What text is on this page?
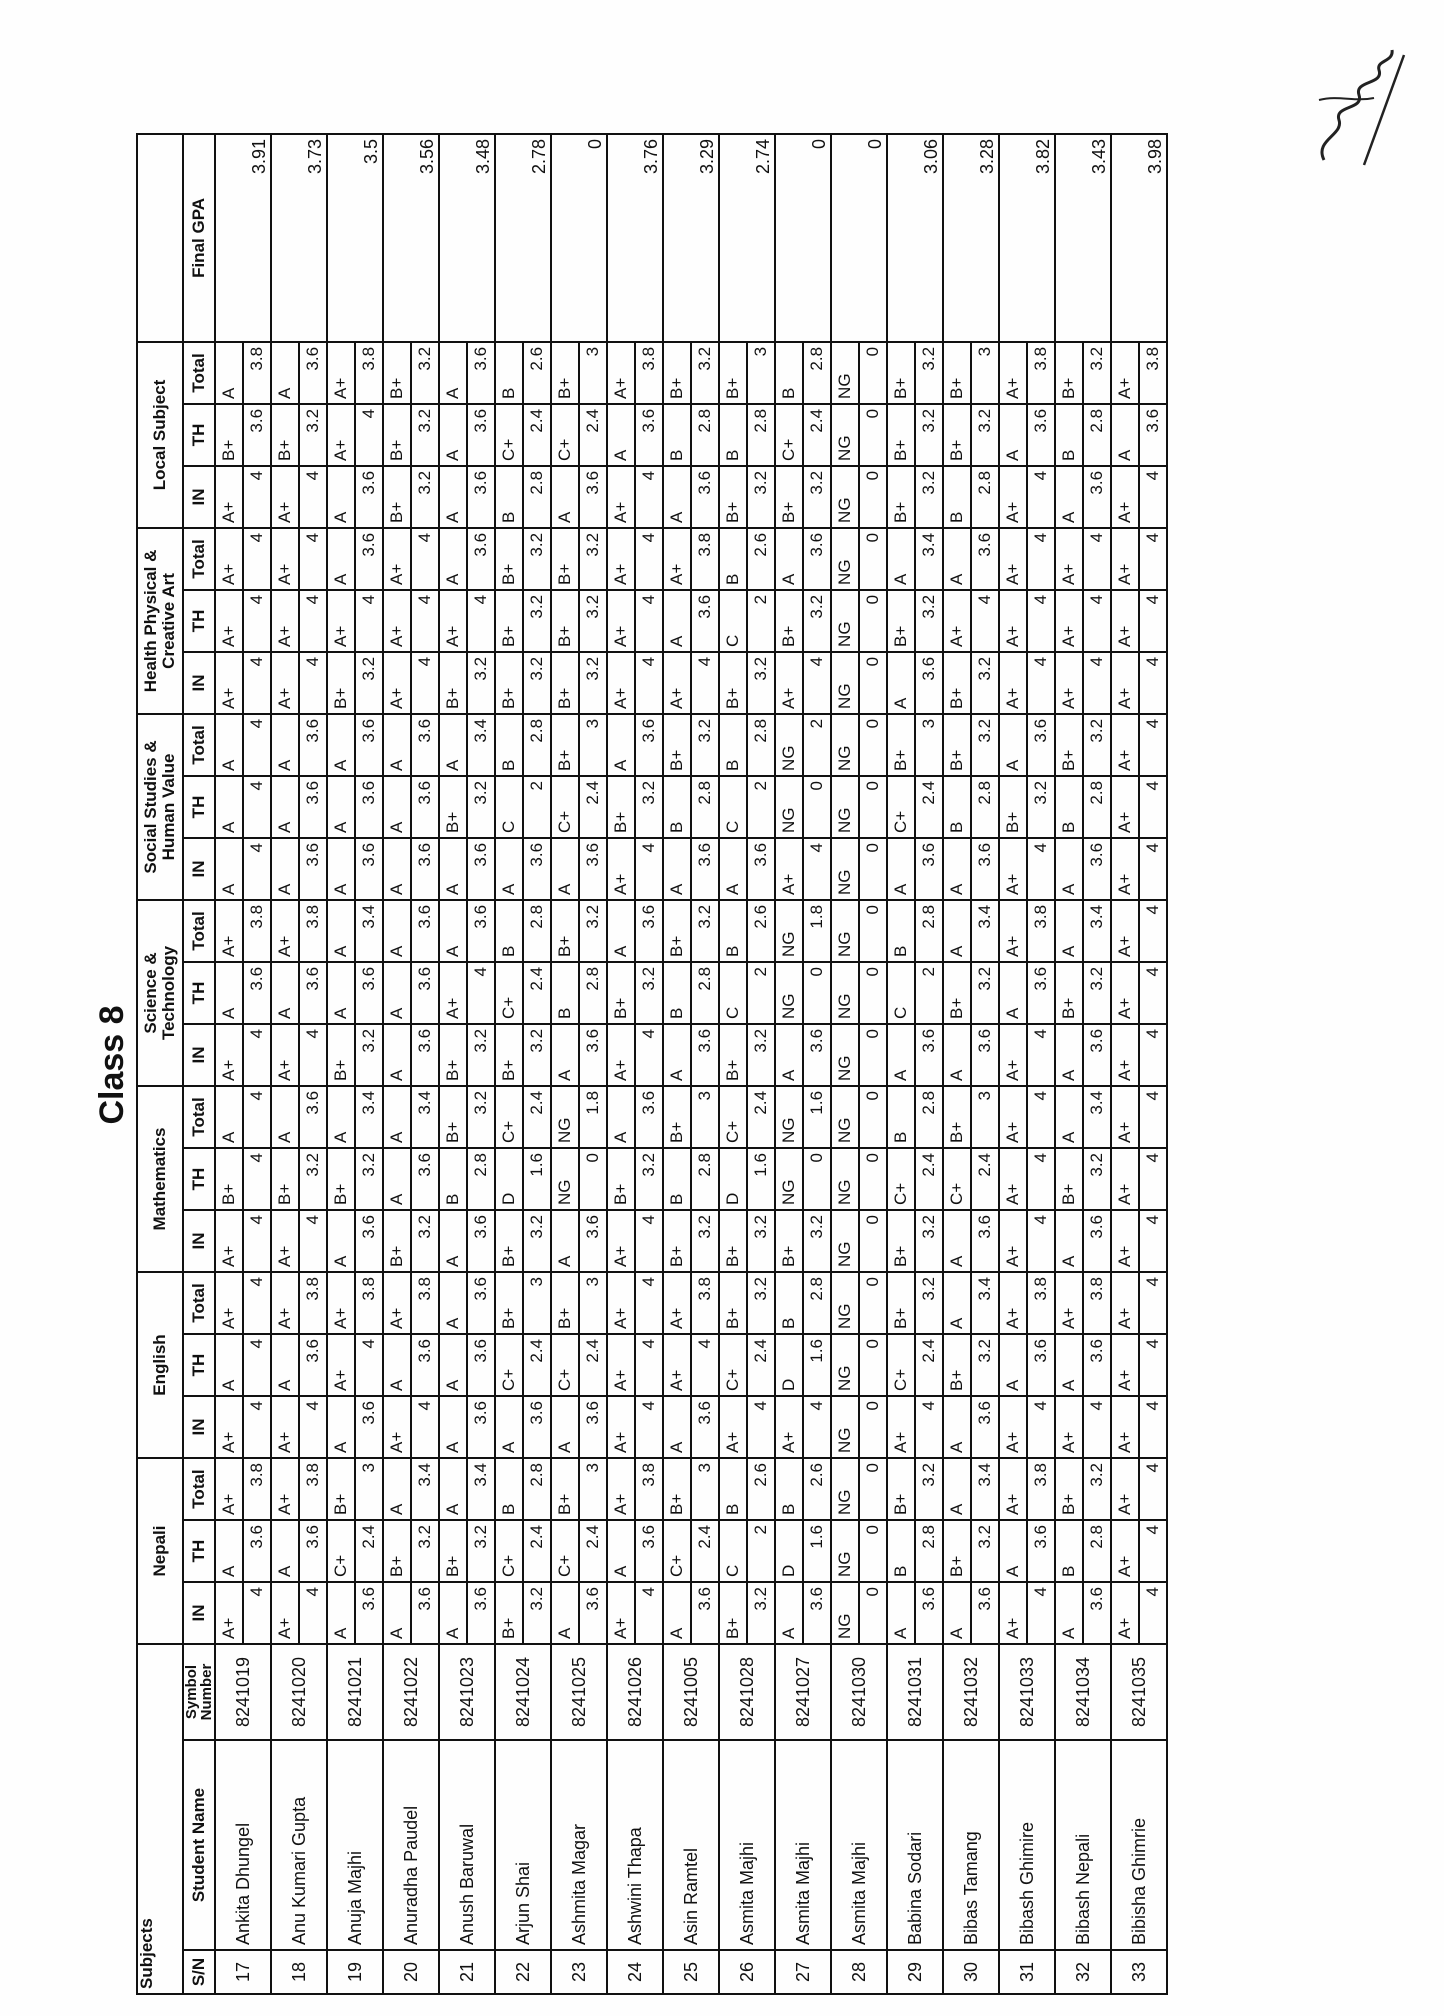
Class 8
Subjects			Nepali			English			Mathematics			Science & Technology			Social Studies & Human Value			Health Physical & Creative Art			Local Subject			
S/N	Student Name	Symbol Number	IN	TH	Total	IN	TH	Total	IN	TH	Total	IN	TH	Total	IN	TH	Total	IN	TH	Total	IN	TH	Total	Final GPA
17	Ankita Dhungel	8241019	A+	A	A+	A+	A	A+	A+	B+	A	A+	A	A+	A	A	A	A+	A+	A+	A+	B+	A	3.91
			4	3.6	3.8	4	4	4	4	4	4	4	3.6	3.8	4	4	4	4	4	4	4	3.6	3.8	
18	Anu Kumari Gupta	8241020	A+	A	A+	A+	A	A+	A+	B+	A	A+	A	A+	A	A	A	A+	A+	A+	A+	B+	A	3.73
			4	3.6	3.8	4	3.6	3.8	4	3.2	3.6	4	3.6	3.8	3.6	3.6	3.6	4	4	4	4	3.2	3.6	
19	Anuja Majhi	8241021	A	C+	B+	A	A+	A+	A	B+	A	B+	A	A	A	A	A	B+	A+	A	A	A+	A+	3.5
			3.6	2.4	3	3.6	4	3.8	3.6	3.2	3.4	3.2	3.6	3.4	3.6	3.6	3.6	3.2	4	3.6	3.6	4	3.8	
20	Anuradha Paudel	8241022	A	B+	A	A+	A	A+	B+	A	A	A	A	A	A	A	A	A+	A+	A+	B+	B+	B+	3.56
			3.6	3.2	3.4	4	3.6	3.8	3.2	3.6	3.4	3.6	3.6	3.6	3.6	3.6	3.6	4	4	4	3.2	3.2	3.2	
21	Anush Baruwal	8241023	A	B+	A	A	A	A	A	B	B+	B+	A+	A	A	B+	A	B+	A+	A	A	A	A	3.48
			3.6	3.2	3.4	3.6	3.6	3.6	3.6	2.8	3.2	3.2	4	3.6	3.6	3.2	3.4	3.2	4	3.6	3.6	3.6	3.6	
22	Arjun Shai	8241024	B+	C+	B	A	C+	B+	B+	D	C+	B+	C+	B	A	C	B	B+	B+	B+	B	C+	B	2.78
			3.2	2.4	2.8	3.6	2.4	3	3.2	1.6	2.4	3.2	2.4	2.8	3.6	2	2.8	3.2	3.2	3.2	2.8	2.4	2.6	
23	Ashmita Magar	8241025	A	C+	B+	A	C+	B+	A	NG	NG	A	B	B+	A	C+	B+	B+	B+	B+	A	C+	B+	0
			3.6	2.4	3	3.6	2.4	3	3.6	0	1.8	3.6	2.8	3.2	3.6	2.4	3	3.2	3.2	3.2	3.6	2.4	3	
24	Ashwini Thapa	8241026	A+	A	A+	A+	A+	A+	A+	B+	A	A+	B+	A	A+	B+	A	A+	A+	A+	A+	A	A+	3.76
			4	3.6	3.8	4	4	4	4	3.2	3.6	4	3.2	3.6	4	3.2	3.6	4	4	4	4	3.6	3.8	
25	Asin Ramtel	8241005	A	C+	B+	A	A+	A+	B+	B	B+	A	B	B+	A	B	B+	A+	A	A+	A	B	B+	3.29
			3.6	2.4	3	3.6	4	3.8	3.2	2.8	3	3.6	2.8	3.2	3.6	2.8	3.2	4	3.6	3.8	3.6	2.8	3.2	
26	Asmita Majhi	8241028	B+	C	B	A+	C+	B+	B+	D	C+	B+	C	B	A	C	B	B+	C	B	B+	B	B+	2.74
			3.2	2	2.6	4	2.4	3.2	3.2	1.6	2.4	3.2	2	2.6	3.6	2	2.8	3.2	2	2.6	3.2	2.8	3	
27	Asmita Majhi	8241027	A	D	B	A+	D	B	B+	NG	NG	A	NG	NG	A+	NG	NG	A+	B+	A	B+	C+	B	0
			3.6	1.6	2.6	4	1.6	2.8	3.2	0	1.6	3.6	0	1.8	4	0	2	4	3.2	3.6	3.2	2.4	2.8	
28	Asmita Majhi	8241030	NG	NG	NG	NG	NG	NG	NG	NG	NG	NG	NG	NG	NG	NG	NG	NG	NG	NG	NG	NG	NG	0
			0	0	0	0	0	0	0	0	0	0	0	0	0	0	0	0	0	0	0	0	0	
29	Babina Sodari	8241031	A	B	B+	A+	C+	B+	B+	C+	B	A	C	B	A	C+	B+	A	B+	A	B+	B+	B+	3.06
			3.6	2.8	3.2	4	2.4	3.2	3.2	2.4	2.8	3.6	2	2.8	3.6	2.4	3	3.6	3.2	3.4	3.2	3.2	3.2	
30	Bibas Tamang	8241032	A	B+	A	A	B+	A	A	C+	B+	A	B+	A	A	B	B+	B+	A+	A	B	B+	B+	3.28
			3.6	3.2	3.4	3.6	3.2	3.4	3.6	2.4	3	3.6	3.2	3.4	3.6	2.8	3.2	3.2	4	3.6	2.8	3.2	3	
31	Bibash Ghimire	8241033	A+	A	A+	A+	A	A+	A+	A+	A+	A+	A	A+	A+	B+	A	A+	A+	A+	A+	A	A+	3.82
			4	3.6	3.8	4	3.6	3.8	4	4	4	4	3.6	3.8	4	3.2	3.6	4	4	4	4	3.6	3.8	
32	Bibash Nepali	8241034	A	B	B+	A+	A	A+	A	B+	A	A	B+	A	A	B	B+	A+	A+	A+	A	B	B+	3.43
			3.6	2.8	3.2	4	3.6	3.8	3.6	3.2	3.4	3.6	3.2	3.4	3.6	2.8	3.2	4	4	4	3.6	2.8	3.2	
33	Bibisha Ghimrie	8241035	A+	A+	A+	A+	A+	A+	A+	A+	A+	A+	A+	A+	A+	A+	A+	A+	A+	A+	A+	A	A+	3.98
			4	4	4	4	4	4	4	4	4	4	4	4	4	4	4	4	4	4	4	3.6	3.8	
